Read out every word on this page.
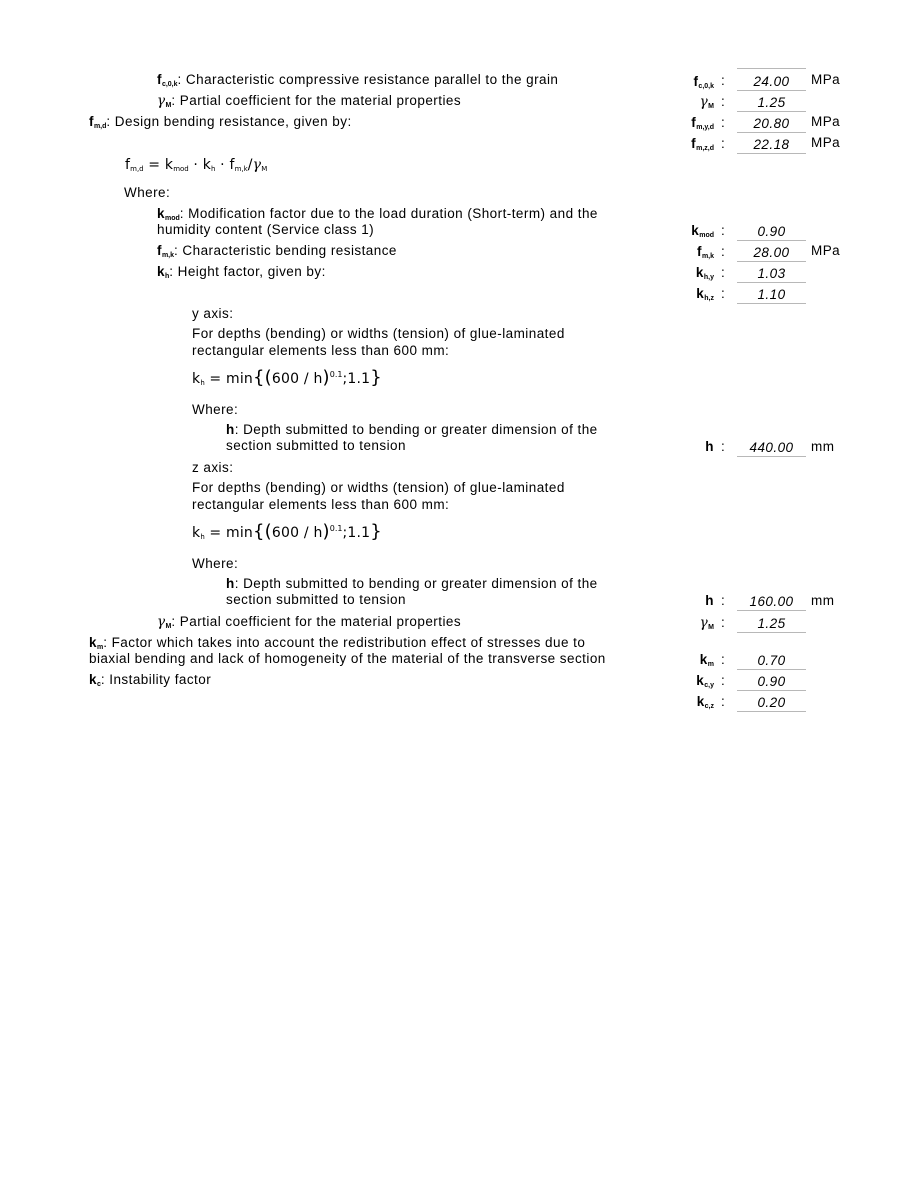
$f_{c,0,k}$: Characteristic compressive resistance parallel to the grain	$f_{c,0,k}$ :	24.00	MPa
$\gamma_M$: Partial coefficient for the material properties	$\gamma_M$ :	1.25
$f_{m,d}$: Design bending resistance, given by:	$f_{m,y,d}$ :	20.80	MPa
$f_{m,z,d}$ :	22.18	MPa
$f_{m,d} = k_{mod} \cdot k_h \cdot f_{m,k}/\gamma_M$
Where:
$k_{mod}$: Modification factor due to the load duration (Short-term) and the
humidity content (Service class 1)	$k_{mod}$ :	0.90
$f_{m,k}$: Characteristic bending resistance	$f_{m,k}$ :	28.00	MPa
$k_h$: Height factor, given by:	$k_{h,y}$ :	1.03
$k_{h,z}$ :	1.10
y axis:
For depths (bending) or widths (tension) of glue-laminated
rectangular elements less than 600 mm:
$k_h = \min\{(600$ / h)$^{0.1}$;1.1}
Where:
h: Depth submitted to bending or greater dimension of the
section submitted to tension	h :	440.00	mm
z axis:
For depths (bending) or widths (tension) of glue-laminated
rectangular elements less than 600 mm:
$k_h = \min\{(600$ / h)$^{0.1}$;1.1}
Where:
h: Depth submitted to bending or greater dimension of the
section submitted to tension	h :	160.00	mm
$\gamma_M$: Partial coefficient for the material properties	$\gamma_M$ :	1.25
$k_m$: Factor which takes into account the redistribution effect of stresses due to
biaxial bending and lack of homogeneity of the material of the transverse section	$k_m$ :	0.70
$k_c$: Instability factor	$k_{c,y}$ :	0.90
$k_{c,z}$ :	0.20
